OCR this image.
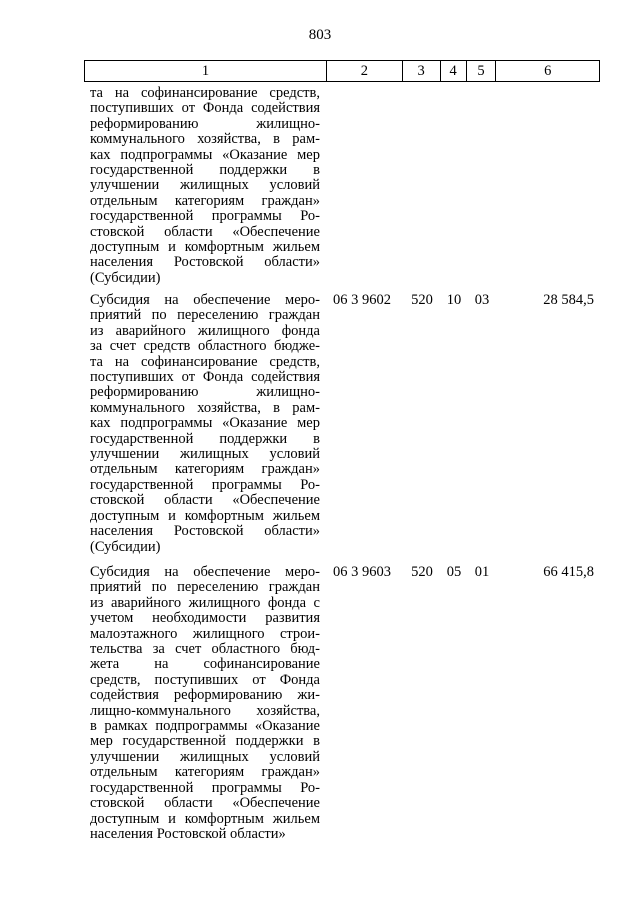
803
1	2	3	4	5	6
та на софинансирование средств,
поступивших от Фонда содействия
реформированию жилищно-
коммунального хозяйства, в рам-
ках подпрограммы «Оказание мер
государственной поддержки в
улучшении жилищных условий
отдельным категориям граждан»
государственной программы Ро-
стовской области «Обеспечение
доступным и комфортным жильем
населения Ростовской области»
(Субсидии)
Субсидия на обеспечение меро-
приятий по переселению граждан
из аварийного жилищного фонда
за счет средств областного бюдже-
та на софинансирование средств,
поступивших от Фонда содействия
реформированию жилищно-
коммунального хозяйства, в рам-
ках подпрограммы «Оказание мер
государственной поддержки в
улучшении жилищных условий
отдельным категориям граждан»
государственной программы Ро-
стовской области «Обеспечение
доступным и комфортным жильем
населения Ростовской области»
(Субсидии)
06 3 9602	520 10 03	28 584,5
Субсидия на обеспечение меро-
приятий по переселению граждан
из аварийного жилищного фонда с
учетом необходимости развития
малоэтажного жилищного строи-
тельства за счет областного бюд-
жета на софинансирование
средств, поступивших от Фонда
содействия реформированию жи-
лищно-коммунального хозяйства,
в рамках подпрограммы «Оказание
мер государственной поддержки в
улучшении жилищных условий
отдельным категориям граждан»
государственной программы Ро-
стовской области «Обеспечение
доступным и комфортным жильем
населения Ростовской области»
06 3 9603	520 05 01	66 415,8
